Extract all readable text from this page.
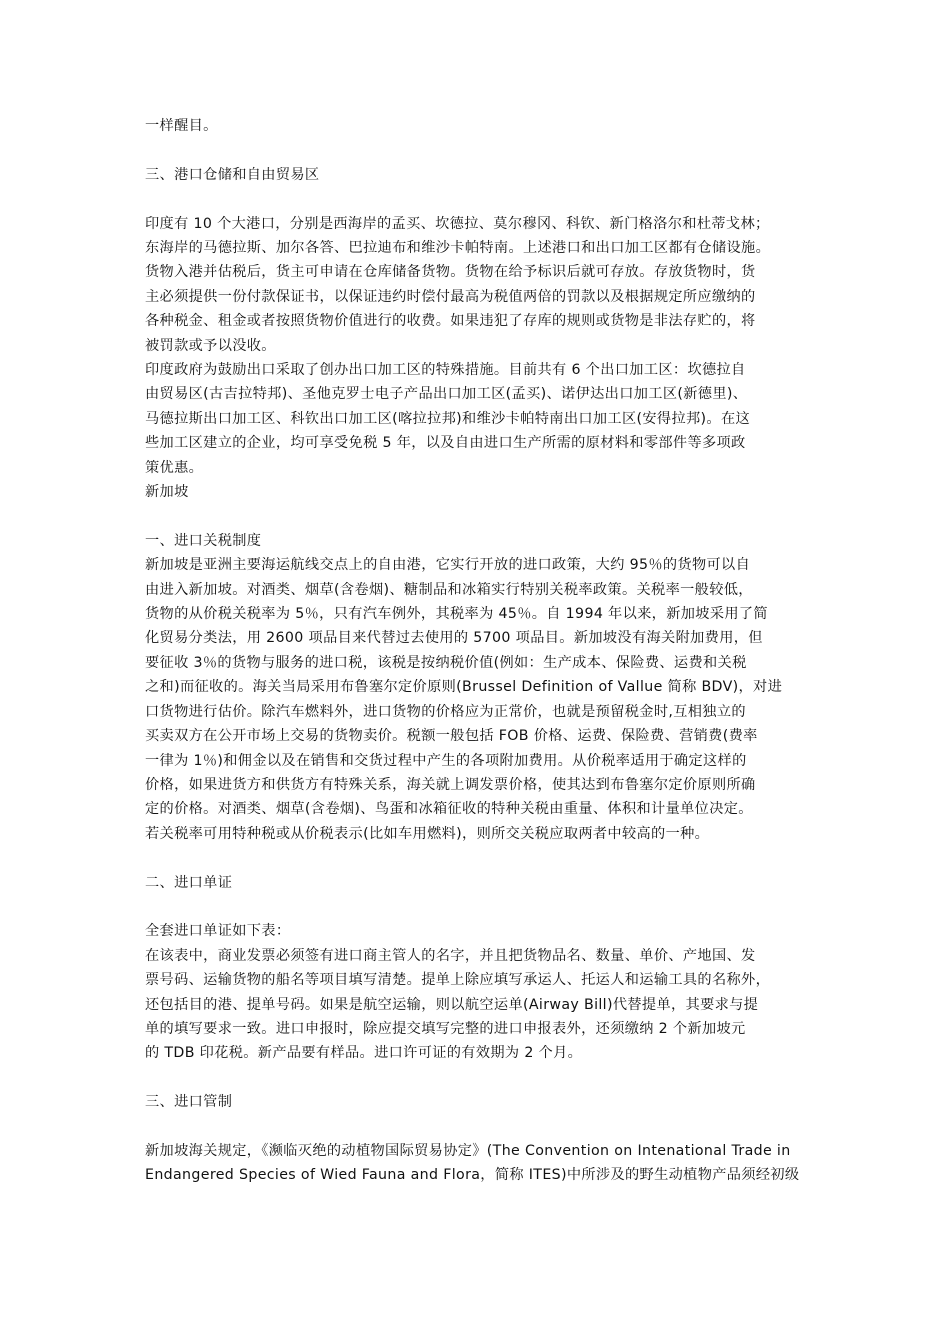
一样醒目。

三、港口仓储和自由贸易区

印度有 10 个大港口，分别是西海岸的孟买、坎德拉、莫尔穆冈、科钦、新门格洛尔和杜蒂戈林；

东海岸的马德拉斯、加尔各答、巴拉迪布和维沙卡帕特南。上述港口和出口加工区都有仓储设施。

货物入港并估税后，货主可申请在仓库储备货物。货物在给予标识后就可存放。存放货物时，货

主必须提供一份付款保证书，以保证违约时偿付最高为税值两倍的罚款以及根据规定所应缴纳的

各种税金、租金或者按照货物价值进行的收费。如果违犯了存库的规则或货物是非法存贮的，将

被罚款或予以没收。

印度政府为鼓励出口采取了创办出口加工区的特殊措施。目前共有 6 个出口加工区：坎德拉自

由贸易区(古吉拉特邦)、圣他克罗士电子产品出口加工区(孟买)、诺伊达出口加工区(新德里)、

马德拉斯出口加工区、科钦出口加工区(喀拉拉邦)和维沙卡帕特南出口加工区(安得拉邦)。在这

些加工区建立的企业，均可享受免税 5 年，以及自由进口生产所需的原材料和零部件等多项政

策优惠。

新加坡

一、进口关税制度

新加坡是亚洲主要海运航线交点上的自由港，它实行开放的进口政策，大约 95％的货物可以自

由进入新加坡。对酒类、烟草(含卷烟)、糖制品和冰箱实行特别关税率政策。关税率一般较低，

货物的从价税关税率为 5％，只有汽车例外，其税率为 45％。自 1994 年以来，新加坡采用了简

化贸易分类法，用 2600 项品目来代替过去使用的 5700 项品目。新加坡没有海关附加费用，但

要征收 3％的货物与服务的进口税，该税是按纳税价值(例如：生产成本、保险费、运费和关税

之和)而征收的。海关当局采用布鲁塞尔定价原则(Brussel Definition of Vallue 简称 BDV)，对进

口货物进行估价。除汽车燃料外，进口货物的价格应为正常价，也就是预留税金时,互相独立的

买卖双方在公开市场上交易的货物卖价。税额一般包括 FOB 价格、运费、保险费、营销费(费率

一律为 1％)和佣金以及在销售和交货过程中产生的各项附加费用。从价税率适用于确定这样的

价格，如果进货方和供货方有特殊关系，海关就上调发票价格，使其达到布鲁塞尔定价原则所确

定的价格。对酒类、烟草(含卷烟)、鸟蛋和冰箱征收的特种关税由重量、体积和计量单位决定。

若关税率可用特种税或从价税表示(比如车用燃料)，则所交关税应取两者中较高的一种。

二、进口单证

全套进口单证如下表：

在该表中，商业发票必须签有进口商主管人的名字，并且把货物品名、数量、单价、产地国、发

票号码、运输货物的船名等项目填写清楚。提单上除应填写承运人、托运人和运输工具的名称外，

还包括目的港、提单号码。如果是航空运输，则以航空运单(Airway Bill)代替提单，其要求与提

单的填写要求一致。进口申报时，除应提交填写完整的进口申报表外，还须缴纳 2 个新加坡元

的 TDB 印花税。新产品要有样品。进口许可证的有效期为 2 个月。

三、进口管制

新加坡海关规定，《濒临灭绝的动植物国际贸易协定》(The Convention on Intenational Trade in

Endangered Species of Wied Fauna and Flora，简称 ITES)中所涉及的野生动植物产品须经初级
